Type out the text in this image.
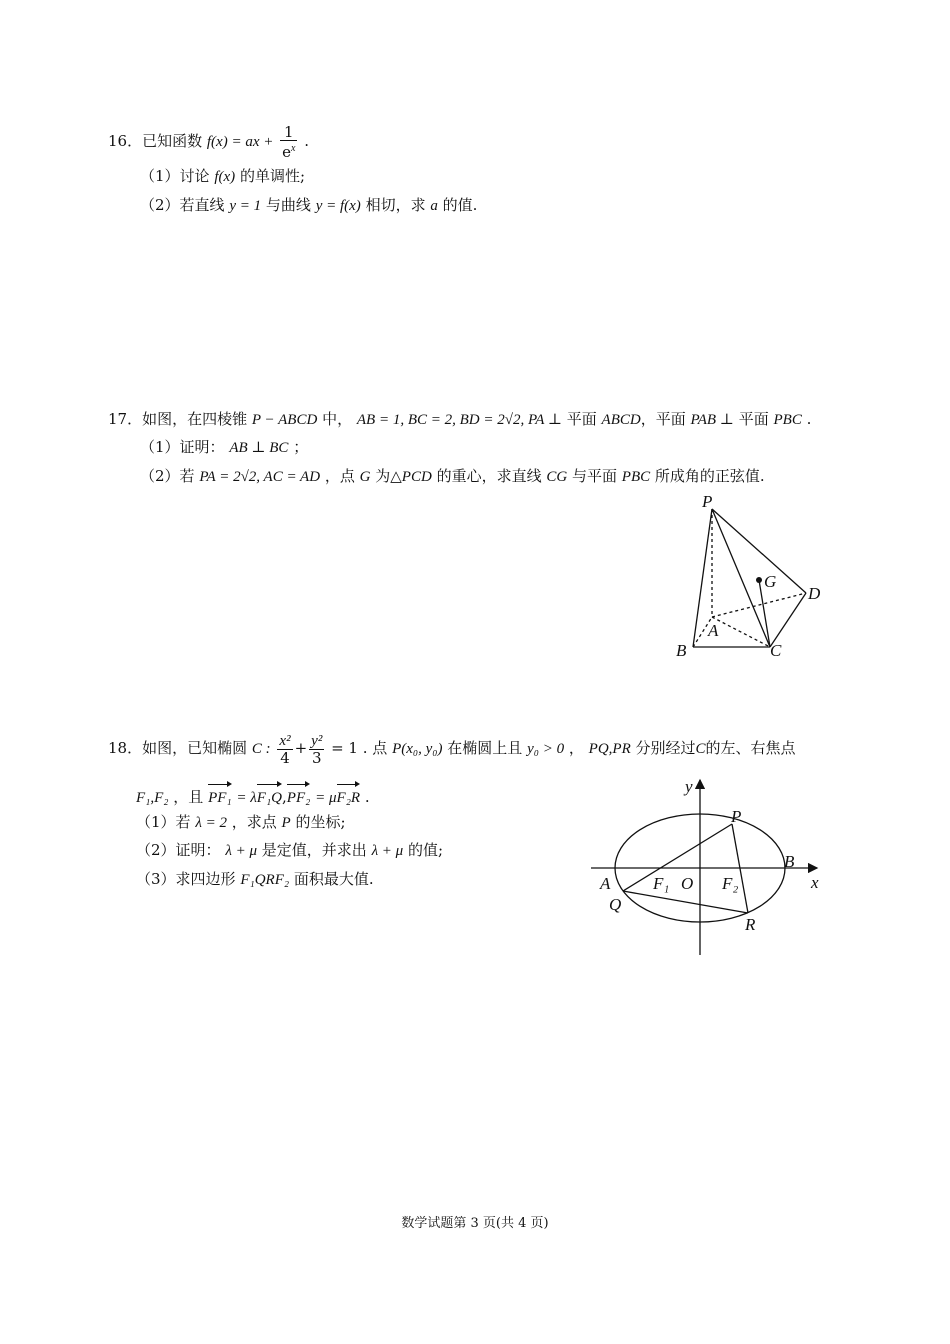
16．已知函数 f(x) = ax + $\frac{1}{e^x}$ .
（1）讨论 f(x) 的单调性;
（2）若直线 y = 1 与曲线 y = f(x) 相切，求 a 的值.
17．如图，在四棱锥 P − ABCD 中， AB = 1, BC = 2, BD = 2√2, PA ⊥ 平面 ABCD，平面 PAB ⊥ 平面 PBC .
（1）证明： AB ⊥ BC ；
（2）若 PA = 2√2, AC = AD ，点 G 为△PCD 的重心，求直线 CG 与平面 PBC 所成角的正弦值.
P
G
D
A
B	C
18．如图，已知椭圆 C : $\frac{\text{x²}}{4} + \frac{\text{y²}}{3} = 1$ . 点 P(x₀, y₀) 在椭圆上且 y₀ > 0 ， PQ,PR 分别经过C的左、右焦点
F₁,F₂ ，且 PF₁ = λF₁Q,PF₂ = μF₂R .
（1）若 λ = 2 ，求点 P 的坐标;
（2）证明： λ + μ 是定值，并求出 λ + μ 的值;
（3）求四边形 F₁QRF₂ 面积最大值.
y
x
P
B
A	F₁ O F₂
Q
R
数学试题第 3 页(共 4 页)
